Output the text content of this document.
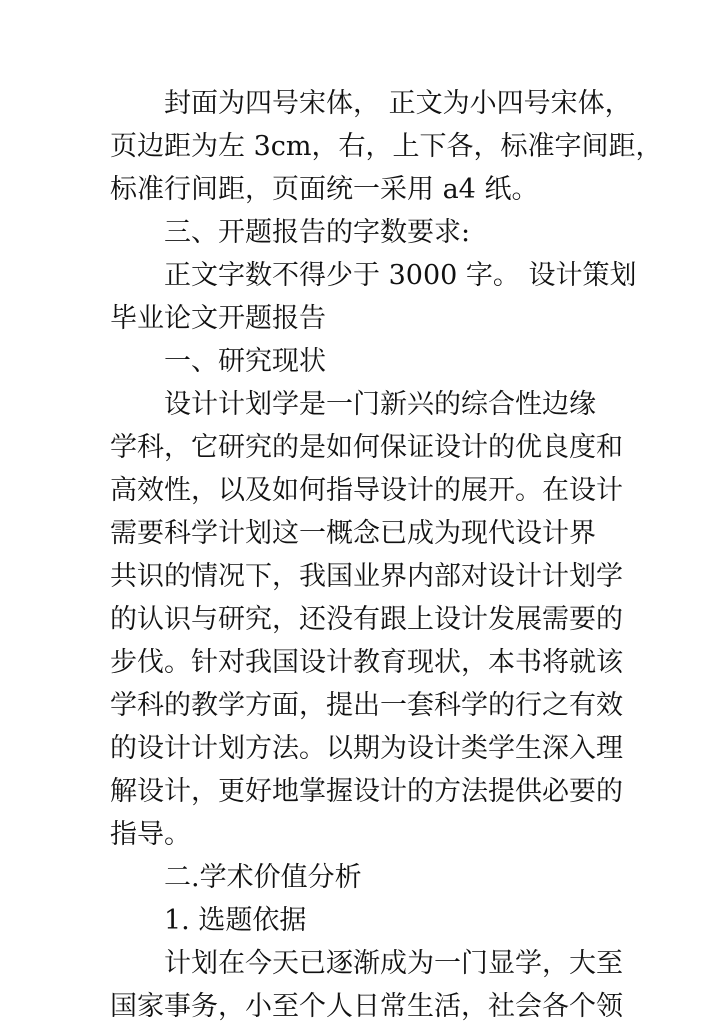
封面为四号宋体， 正文为小四号宋体，
页边距为左 3cm，右，上下各，标准字间距，
标准行间距，页面统一采用 a4 纸。
三、开题报告的字数要求:
正文字数不得少于 3000 字。 设计策划
毕业论文开题报告
一、研究现状
设计计划学是一门新兴的综合性边缘
学科，它研究的是如何保证设计的优良度和
高效性，以及如何指导设计的展开。在设计
需要科学计划这一概念已成为现代设计界
共识的情况下，我国业界内部对设计计划学
的认识与研究，还没有跟上设计发展需要的
步伐。针对我国设计教育现状，本书将就该
学科的教学方面，提出一套科学的行之有效
的设计计划方法。以期为设计类学生深入理
解设计，更好地掌握设计的方法提供必要的
指导。
二.学术价值分析
1. 选题依据
计划在今天已逐渐成为一门显学，大至
国家事务，小至个人日常生活，社会各个领
